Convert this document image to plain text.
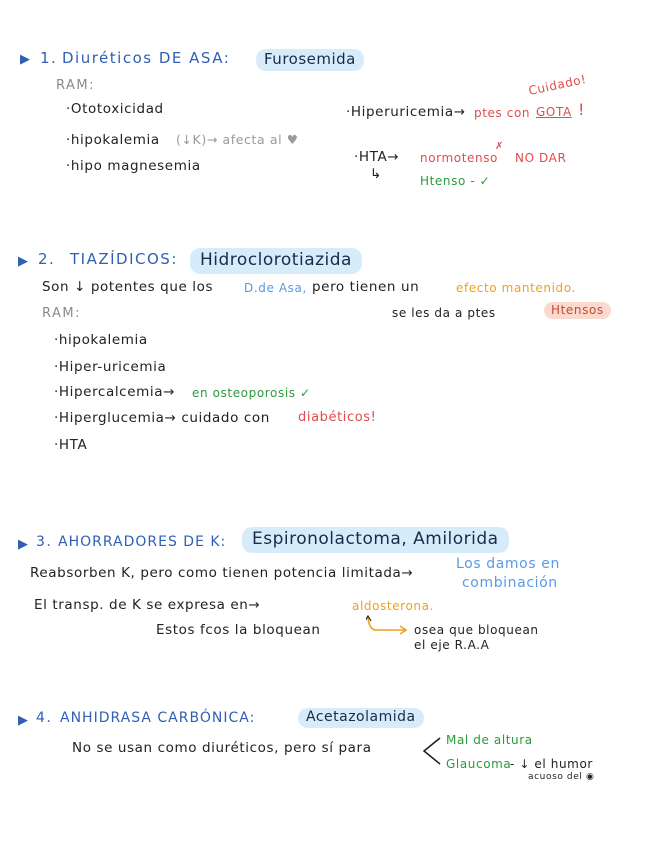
▶ 1. Diuréticos DE ASA:	Furosemida
RAM:
·Ototoxicidad
·hipokalemia (↓K)→ afecta al ♥
·hipo magnesemia
Cuidado!
·Hiperuricemia→ ptes con GOTA !
·HTA→ normotenso
✗
NO DAR
↳	Htenso - ✓
▶ 2. TIAZÍDICOS:	Hidroclorotiazida
Son ↓ potentes que los	D.de Asa, pero tienen un	efecto mantenido.
RAM:	se les da a ptes	Htensos
·hipokalemia
·Hiper-uricemia
·Hipercalcemia→ en osteoporosis ✓
·Hiperglucemia→ cuidado con diabéticos!
·HTA
▶ 3. AHORRADORES DE K:	Espironolactoma, Amilorida
Reabsorben K, pero como tienen potencia limitada→
Los damos en
combinación
El transp. de K se expresa en→	aldosterona.
Estos fcos la bloquean	osea que bloquean
el eje R.A.A
▶ 4. ANHIDRASA CARBÓNICA:	Acetazolamida
No se usan como diuréticos, pero sí para	Mal de altura
Glaucoma
- ↓ el humor
acuoso del ◉
